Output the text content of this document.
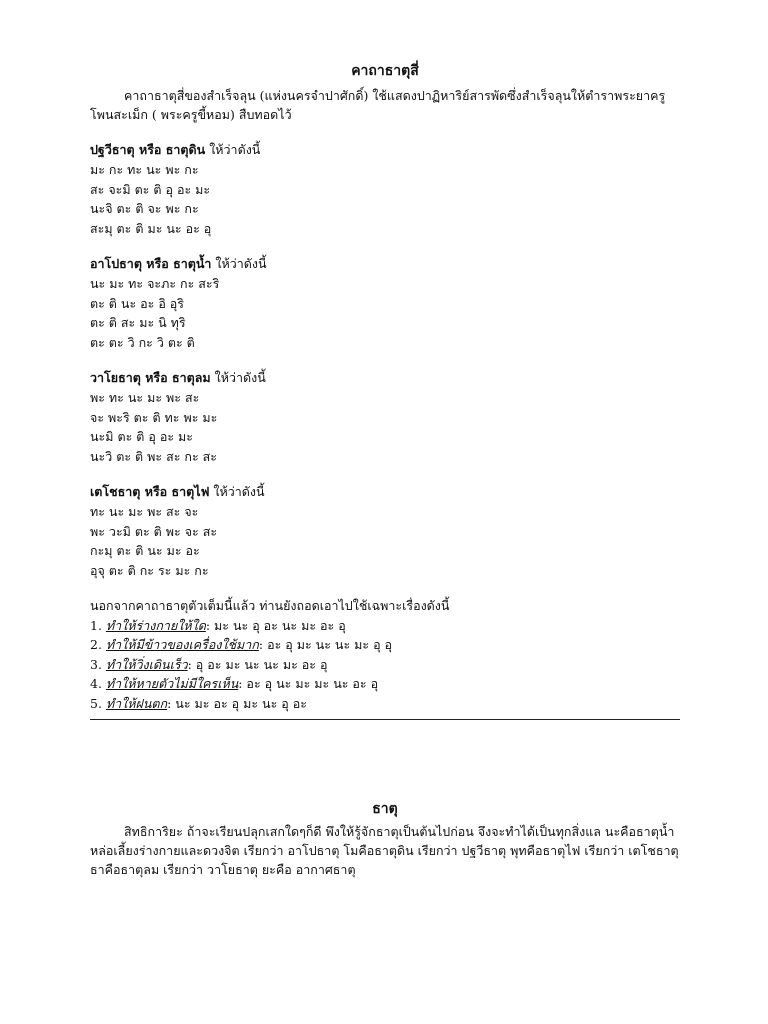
คาถาธาตุสี่
คาถาธาตุสี่ของสำเร็จลุน (แห่งนครจำปาศักดิ์) ใช้แสดงปาฏิหาริย์สารพัดซึ่งสำเร็จลุนให้ตำราพระยาครูโพนสะเม็ก ( พระครูขี้หอม) สืบทอดไว้
ปฐวีธาตุ หรือ ธาตุดิน ให้ว่าดังนี้
มะ กะ ทะ นะ พะ กะ
สะ จะมิ ตะ ติ อุ อะ มะ
นะจิ ตะ ติ จะ พะ กะ
สะมุ ตะ ติ มะ นะ อะ อุ
อาโปธาตุ หรือ ธาตุน้ำ ให้ว่าดังนี้
นะ มะ ทะ จะภะ กะ สะริ
ตะ ติ นะ อะ อิ อุริ
ตะ ติ สะ มะ นิ ทุริ
ตะ ตะ วิ กะ วิ ตะ ติ
วาโยธาตุ หรือ ธาตุลม ให้ว่าดังนี้
พะ ทะ นะ มะ พะ สะ
จะ พะริ ตะ ติ ทะ พะ มะ
นะมิ ตะ ติ อุ อะ มะ
นะวิ ตะ ติ พะ สะ กะ สะ
เตโชธาตุ หรือ ธาตุไฟ ให้ว่าดังนี้
ทะ นะ มะ พะ สะ จะ
พะ วะมิ ตะ ติ พะ จะ สะ
กะมุ ตะ ติ นะ มะ อะ
อุจุ ตะ ติ กะ ระ มะ กะ
นอกจากคาถาธาตุตัวเต็มนี้แล้ว ท่านยังถอดเอาไปใช้เฉพาะเรื่องดังนี้
1. ทำให้ร่างกายให้ใด: มะ นะ อุ อะ นะ มะ อะ อุ
2. ทำให้มีข้าวของเครื่องใช้มาก: อะ อุ มะ นะ นะ มะ อุ อุ
3. ทำให้วิ่งเดินเร็ว: อุ อะ มะ นะ นะ มะ อะ อุ
4. ทำให้หายตัวไม่มีใครเห็น: อะ อุ นะ มะ มะ นะ อะ อุ
5. ทำให้ฝนตก: นะ มะ อะ อุ มะ นะ อุ อะ
ธาตุ
สิทธิการิยะ ถ้าจะเรียนปลุกเสกใดๆก็ดี พึงให้รู้จักธาตุเป็นต้นไปก่อน จึงจะทำได้เป็นทุกสิ่งแล นะคือธาตุน้ำหล่อเลี้ยงร่างกายและดวงจิต เรียกว่า อาโปธาตุ โมคือธาตุดิน เรียกว่า ปฐวีธาตุ พุทคือธาตุไฟ เรียกว่า เตโชธาตุ ธาคือธาตุลม เรียกว่า วาโยธาตุ ยะคือ อากาศธาตุ
